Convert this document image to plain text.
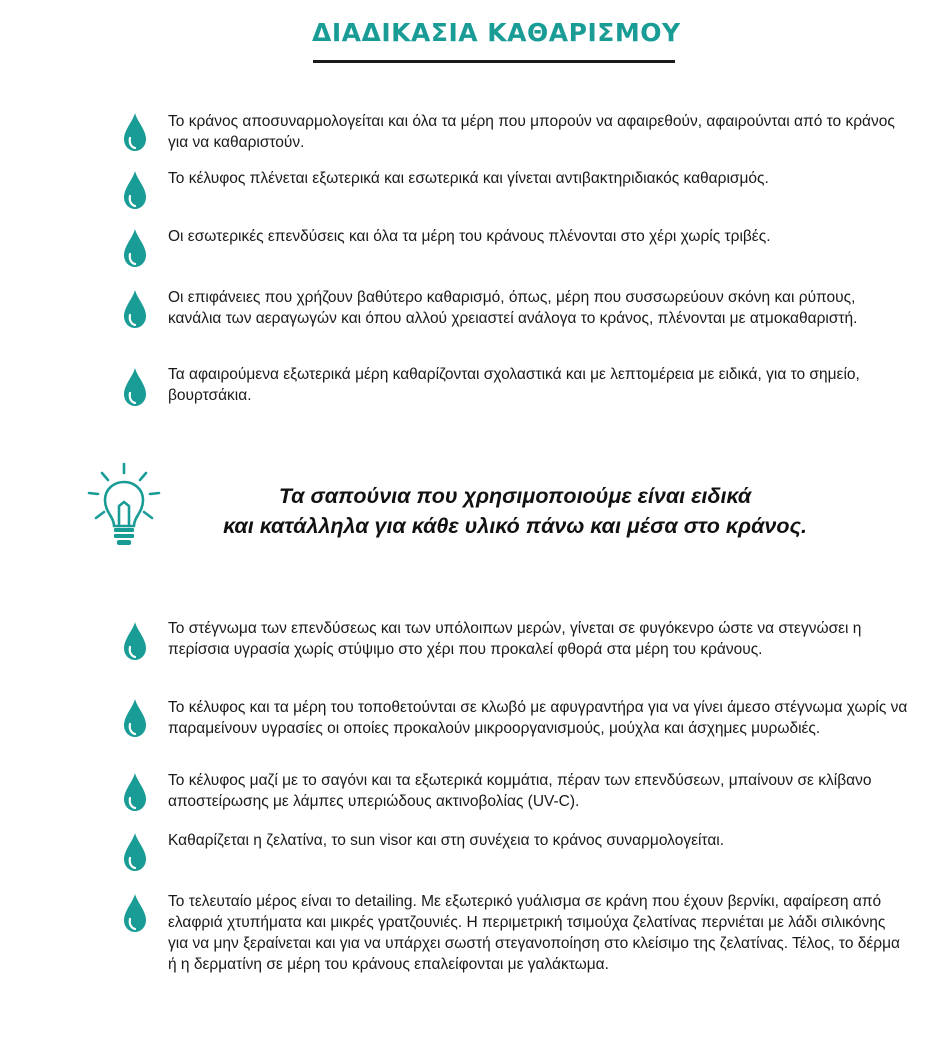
ΔΙΑΔΙΚΑΣΙΑ ΚΑΘΑΡΙΣΜΟΥ
Το κράνος αποσυναρμολογείται και όλα τα μέρη που μπορούν να αφαιρεθούν, αφαιρούνται από το κράνος για να καθαριστούν.
Το κέλυφος πλένεται εξωτερικά και εσωτερικά και γίνεται αντιβακτηριδιακός καθαρισμός.
Οι εσωτερικές επενδύσεις και όλα τα μέρη του κράνους πλένονται στο χέρι χωρίς τριβές.
Οι επιφάνειες που χρήζουν βαθύτερο καθαρισμό, όπως, μέρη που συσσωρεύουν σκόνη και ρύπους, κανάλια των αεραγωγών και όπου αλλού χρειαστεί ανάλογα το κράνος, πλένονται με ατμοκαθαριστή.
Τα αφαιρούμενα εξωτερικά μέρη καθαρίζονται σχολαστικά και με λεπτομέρεια με ειδικά, για το σημείο, βουρτσάκια.
Τα σαπούνια που χρησιμοποιούμε είναι ειδικά
και κατάλληλα για κάθε υλικό πάνω και μέσα στο κράνος.
Το στέγνωμα των επενδύσεως και των υπόλοιπων μερών, γίνεται σε φυγόκενρο ώστε να στεγνώσει η περίσσια υγρασία χωρίς στύψιμο στο χέρι που προκαλεί φθορά στα μέρη του κράνους.
Το κέλυφος και τα μέρη του τοποθετούνται σε κλωβό με αφυγραντήρα για να γίνει άμεσο στέγνωμα χωρίς να παραμείνουν υγρασίες οι οποίες προκαλούν μικροοργανισμούς, μούχλα και άσχημες μυρωδιές.
Το κέλυφος μαζί με το σαγόνι και τα εξωτερικά κομμάτια, πέραν των επενδύσεων, μπαίνουν σε κλίβανο αποστείρωσης με λάμπες υπεριώδους ακτινοβολίας (UV-C).
Καθαρίζεται η ζελατίνα, το sun visor και στη συνέχεια το κράνος συναρμολογείται.
Το τελευταίο μέρος είναι το detailing. Με εξωτερικό γυάλισμα σε κράνη που έχουν βερνίκι, αφαίρεση από ελαφριά χτυπήματα και μικρές γρατζουνιές. Η περιμετρική τσιμούχα ζελατίνας περνιέται με λάδι σιλικόνης για να μην ξεραίνεται και για να υπάρχει σωστή στεγανοποίηση στο κλείσιμο της ζελατίνας. Τέλος, το δέρμα ή η δερματίνη σε μέρη του κράνους επαλείφονται με γαλάκτωμα.
